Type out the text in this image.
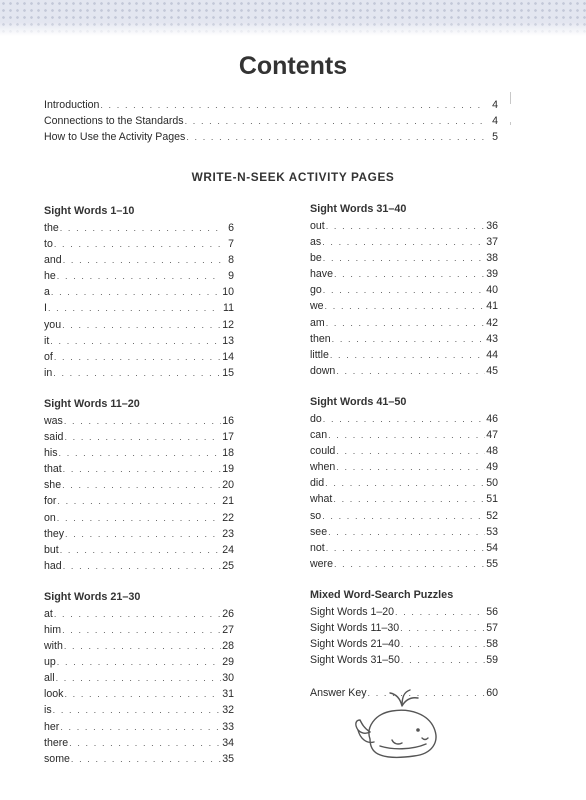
Contents
Introduction . . .	4
Connections to the Standards . . .	4
How to Use the Activity Pages . . .	5
WRITE-N-SEEK ACTIVITY PAGES
Sight Words 1–10
the . . .	6
to . . .	7
and . . .	8
he . . .	9
a . . .	10
I . . .	11
you . . .	12
it . . .	13
of . . .	14
in . . .	15
Sight Words 11–20
was . . .	16
said . . .	17
his . . .	18
that . . .	19
she . . .	20
for . . .	21
on . . .	22
they . . .	23
but . . .	24
had . . .	25
Sight Words 21–30
at . . .	26
him . . .	27
with . . .	28
up . . .	29
all . . .	30
look . . .	31
is . . .	32
her . . .	33
there . . .	34
some . . .	35
Sight Words 31–40
out . . .	36
as . . .	37
be . . .	38
have . . .	39
go . . .	40
we . . .	41
am . . .	42
then . . .	43
little . . .	44
down . . .	45
Sight Words 41–50
do . . .	46
can . . .	47
could . . .	48
when . . .	49
did . . .	50
what . . .	51
so . . .	52
see . . .	53
not . . .	54
were . . .	55
Mixed Word-Search Puzzles
Sight Words 1–20 . . .	56
Sight Words 11–30 . . .	57
Sight Words 21–40 . . .	58
Sight Words 31–50 . . .	59
Answer Key . . .	60
